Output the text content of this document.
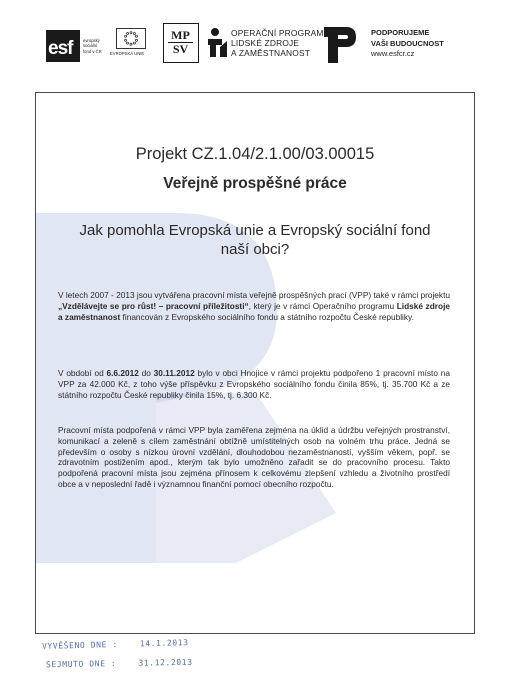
esf	evropský
sociální
fond v ČR	EVROPSKÁ UNIE
MP
SV
OPERAČNÍ PROGRAM
LIDSKÉ ZDROJE
A ZAMĚSTNANOST
PODPORUJEME
VAŠI BUDOUCNOST
www.esfcr.cz
Projekt CZ.1.04/2.1.00/03.00015
Veřejně prospěšné práce
Jak pomohla Evropská unie a Evropský sociální fond
naší obci?

V letech 2007 - 2013 jsou vytvářena pracovní místa veřejně prospěšných prací (VPP) také v rámci projektu „Vzdělávejte se pro růst! – pracovní příležitosti“, který je v rámci Operačního programu Lidské zdroje a zaměstnanost financován z Evropského sociálního fondu a státního rozpočtu České republiky.

V období od 6.6.2012 do 30.11.2012 bylo v obci Hnojice v rámci projektu podpořeno 1 pracovní místo na VPP za 42.000 Kč, z toho výše příspěvku z Evropského sociálního fondu činila 85%, tj. 35.700 Kč a ze státního rozpočtu České republiky činila 15%, tj. 6.300 Kč.

Pracovní místa podpořená v rámci VPP byla zaměřena zejména na úklid a údržbu veřejných prostranství, komunikací a zeleně s cílem zaměstnání obtížně umístitelných osob na volném trhu práce. Jedná se především o osoby s nízkou úrovní vzdělání, dlouhodobou nezaměstnaností, vyšším věkem, popř. se zdravotním postižením apod., kterým tak bylo umožněno zařadit se do pracovního procesu. Takto podpořená pracovní místa jsou zejména přínosem k celkovému zlepšení vzhledu a životního prostředí obce a v neposlední řadě i významnou finanční pomocí obecního rozpočtu.

VYVĚŠENO DNE :	14.1.2013
SEJMUTO DNE :	31.12.2013
